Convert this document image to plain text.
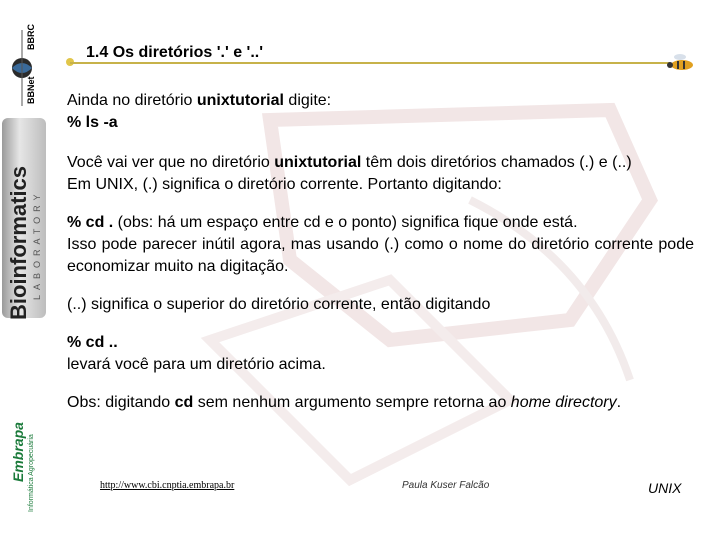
BBRC
BBNet
Bioinformatics LABORATORY
Embrapa Informática Agropecuária
1.4 Os diretórios '.' e '..'

Ainda no diretório unixtutorial digite:

% ls -a

Você vai ver que no diretório unixtutorial têm dois diretórios chamados (.) e (..)

Em UNIX, (.) significa o diretório corrente. Portanto digitando:

% cd . (obs: há um espaço entre cd e o ponto) significa fique onde está.

Isso pode parecer inútil agora, mas usando (.) como o nome do diretório corrente pode economizar muito na digitação.

(..) significa o superior do diretório corrente, então digitando

% cd ..

levará você para um diretório acima.

Obs: digitando cd sem nenhum argumento sempre retorna ao home directory.

http://www.cbi.cnptia.embrapa.br	Paula Kuser Falcão	UNIX
